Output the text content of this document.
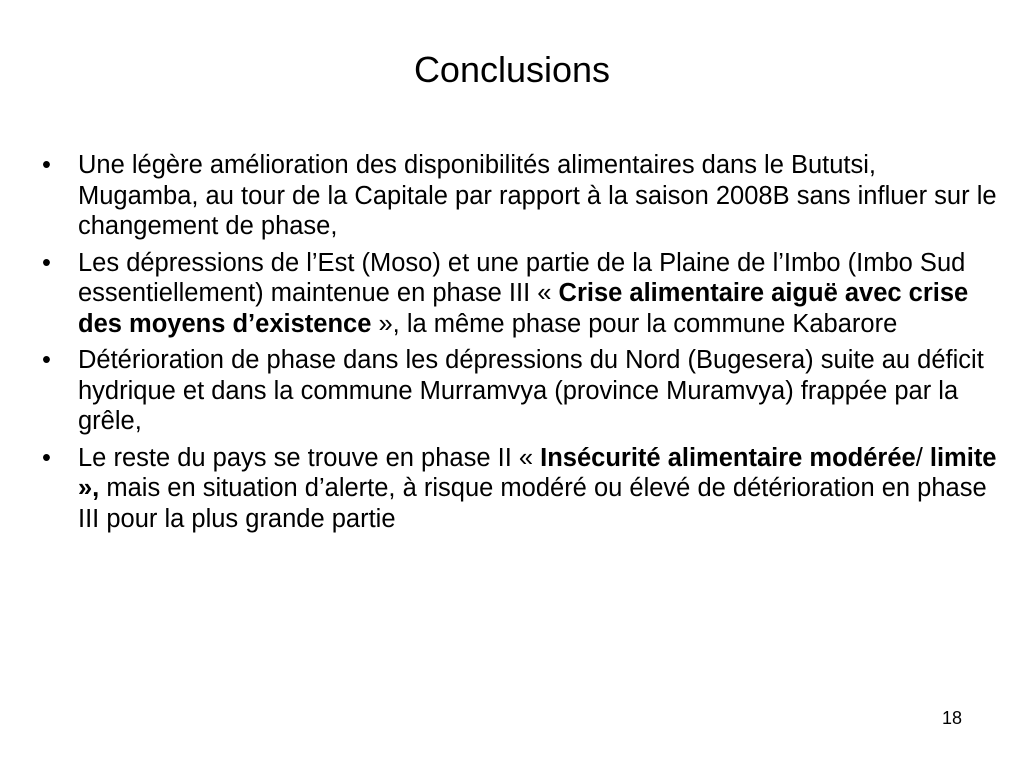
Conclusions
•	Une légère amélioration des disponibilités alimentaires dans le Bututsi, Mugamba, au tour de la Capitale par rapport à la saison 2008B sans influer sur le changement de phase,
•	Les dépressions de l’Est (Moso) et une partie de la Plaine de l’Imbo (Imbo Sud essentiellement) maintenue en phase III « Crise alimentaire aiguë avec crise des moyens d’existence », la même phase pour la commune Kabarore
•	Détérioration de phase dans les dépressions du Nord (Bugesera) suite au déficit hydrique et dans la commune Murramvya (province Muramvya) frappée par la grêle,
•	Le reste du pays se trouve en phase II « Insécurité alimentaire modérée/ limite », mais en situation d’alerte, à risque modéré ou élevé de détérioration en phase III pour la plus grande partie
18
